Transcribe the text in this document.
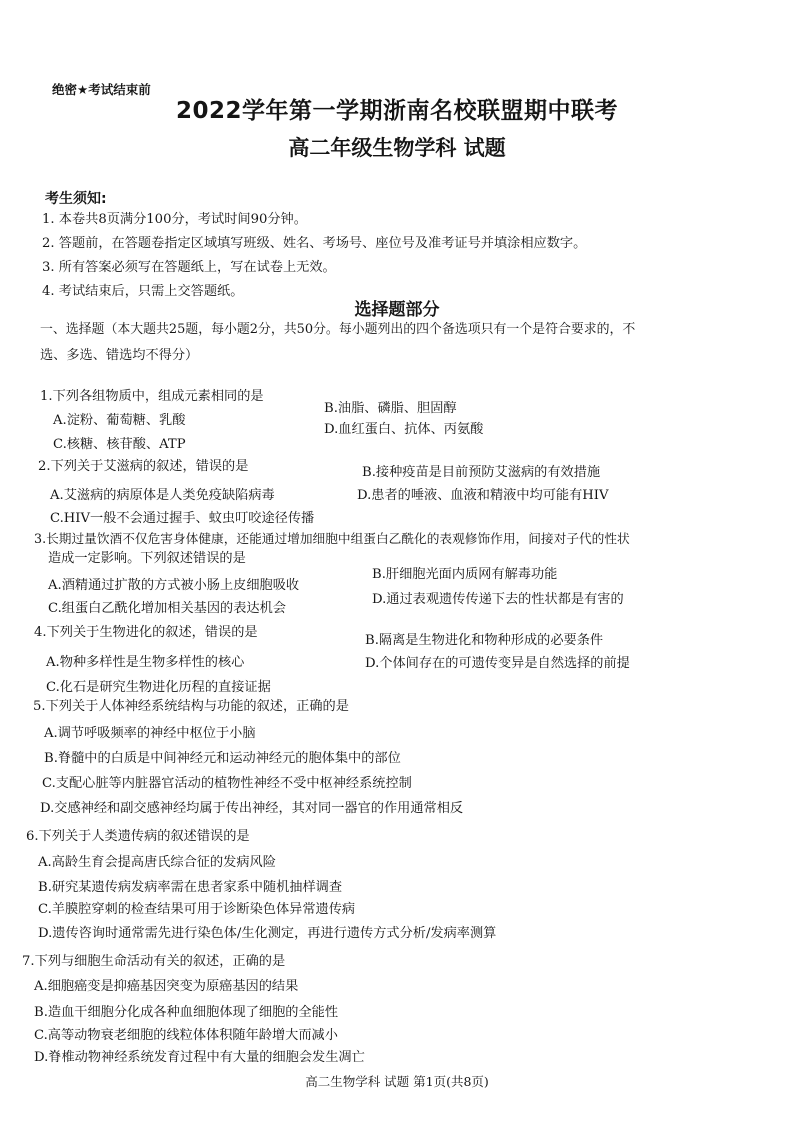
绝密★考试结束前
2022学年第一学期浙南名校联盟期中联考
高二年级生物学科 试题
考生须知:
1. 本卷共8页满分100分，考试时间90分钟。
2. 答题前，在答题卷指定区域填写班级、姓名、考场号、座位号及准考证号并填涂相应数字。
3. 所有答案必须写在答题纸上，写在试卷上无效。
4. 考试结束后，只需上交答题纸。
选择题部分
一、选择题（本大题共25题，每小题2分，共50分。每小题列出的四个备选项只有一个是符合要求的，不
选、多选、错选均不得分）
1.下列各组物质中，组成元素相同的是
A.淀粉、葡萄糖、乳酸
B.油脂、磷脂、胆固醇
C.核糖、核苷酸、ATP
D.血红蛋白、抗体、丙氨酸
2.下列关于艾滋病的叙述，错误的是
A.艾滋病的病原体是人类免疫缺陷病毒
B.接种疫苗是目前预防艾滋病的有效措施
C.HIV一般不会通过握手、蚊虫叮咬途径传播
D.患者的唾液、血液和精液中均可能有HIV
3.长期过量饮酒不仅危害身体健康，还能通过增加细胞中组蛋白乙酰化的表观修饰作用，间接对子代的性状
造成一定影响。下列叙述错误的是
A.酒精通过扩散的方式被小肠上皮细胞吸收
B.肝细胞光面内质网有解毒功能
C.组蛋白乙酰化增加相关基因的表达机会
D.通过表观遗传传递下去的性状都是有害的
4.下列关于生物进化的叙述，错误的是
A.物种多样性是生物多样性的核心
B.隔离是生物进化和物种形成的必要条件
C.化石是研究生物进化历程的直接证据
D.个体间存在的可遗传变异是自然选择的前提
5.下列关于人体神经系统结构与功能的叙述，正确的是
A.调节呼吸频率的神经中枢位于小脑
B.脊髓中的白质是中间神经元和运动神经元的胞体集中的部位
C.支配心脏等内脏器官活动的植物性神经不受中枢神经系统控制
D.交感神经和副交感神经均属于传出神经，其对同一器官的作用通常相反
6.下列关于人类遗传病的叙述错误的是
A.高龄生育会提高唐氏综合征的发病风险
B.研究某遗传病发病率需在患者家系中随机抽样调查
C.羊膜腔穿刺的检查结果可用于诊断染色体异常遗传病
D.遗传咨询时通常需先进行染色体/生化测定，再进行遗传方式分析/发病率测算
7.下列与细胞生命活动有关的叙述，正确的是
A.细胞癌变是抑癌基因突变为原癌基因的结果
B.造血干细胞分化成各种血细胞体现了细胞的全能性
C.高等动物衰老细胞的线粒体体积随年龄增大而减小
D.脊椎动物神经系统发育过程中有大量的细胞会发生凋亡
高二生物学科 试题 第1页(共8页)
